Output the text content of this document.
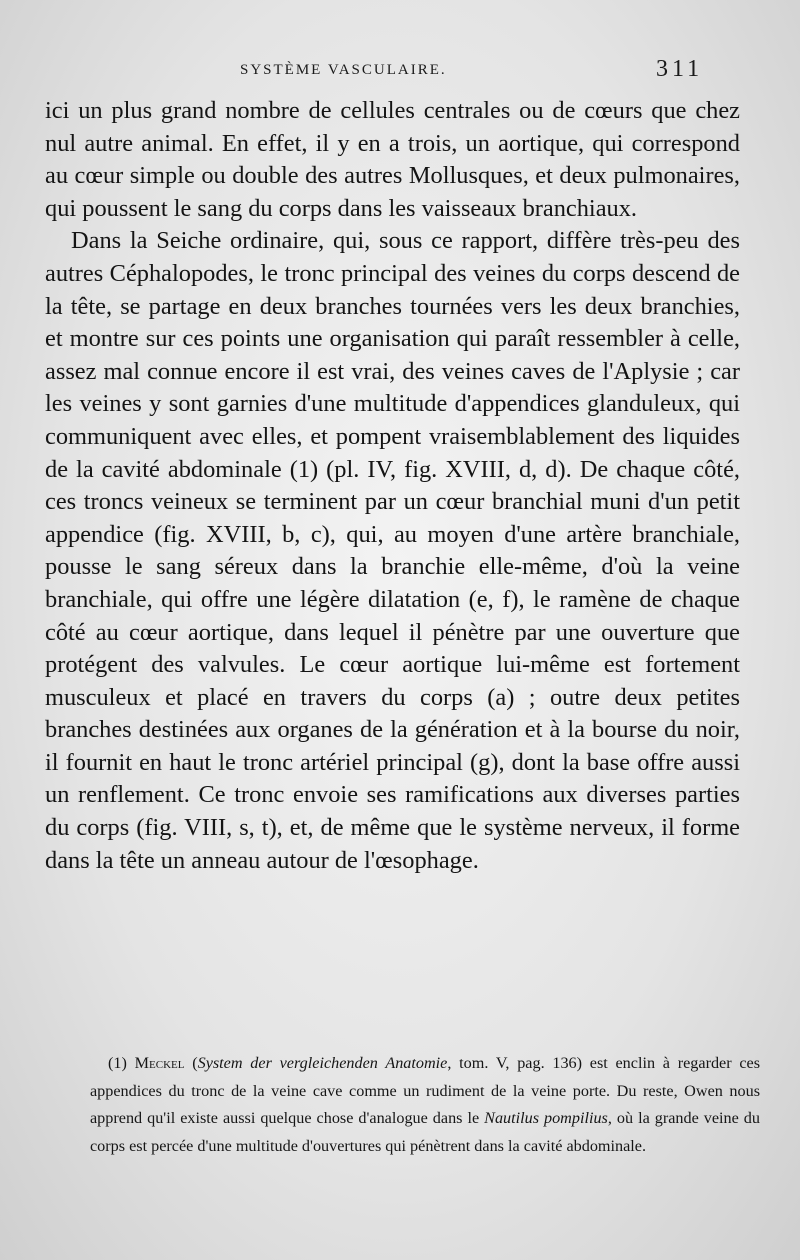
SYSTÈME VASCULAIRE.	311

ici un plus grand nombre de cellules centrales ou de cœurs que chez nul autre animal. En effet, il y en a trois, un aortique, qui correspond au cœur simple ou double des autres Mollusques, et deux pulmonaires, qui poussent le sang du corps dans les vaisseaux branchiaux.

Dans la Seiche ordinaire, qui, sous ce rapport, diffère très-peu des autres Céphalopodes, le tronc principal des veines du corps descend de la tête, se partage en deux branches tournées vers les deux branchies, et montre sur ces points une organisation qui paraît ressembler à celle, assez mal connue encore il est vrai, des veines caves de l'Aplysie ; car les veines y sont garnies d'une multitude d'appendices glanduleux, qui communiquent avec elles, et pompent vraisemblablement des liquides de la cavité abdominale (1) (pl. IV, fig. XVIII, d, d). De chaque côté, ces troncs veineux se terminent par un cœur branchial muni d'un petit appendice (fig. XVIII, b, c), qui, au moyen d'une artère branchiale, pousse le sang séreux dans la branchie elle-même, d'où la veine branchiale, qui offre une légère dilatation (e, f), le ramène de chaque côté au cœur aortique, dans lequel il pénètre par une ouverture que protégent des valvules. Le cœur aortique lui-même est fortement musculeux et placé en travers du corps (a) ; outre deux petites branches destinées aux organes de la génération et à la bourse du noir, il fournit en haut le tronc artériel principal (g), dont la base offre aussi un renflement. Ce tronc envoie ses ramifications aux diverses parties du corps (fig. VIII, s, t), et, de même que le système nerveux, il forme dans la tête un anneau autour de l'œsophage.

(1) Meckel (System der vergleichenden Anatomie, tom. V, pag. 136) est enclin à regarder ces appendices du tronc de la veine cave comme un rudiment de la veine porte. Du reste, Owen nous apprend qu'il existe aussi quelque chose d'analogue dans le Nautilus pompilius, où la grande veine du corps est percée d'une multitude d'ouvertures qui pénètrent dans la cavité abdominale.
